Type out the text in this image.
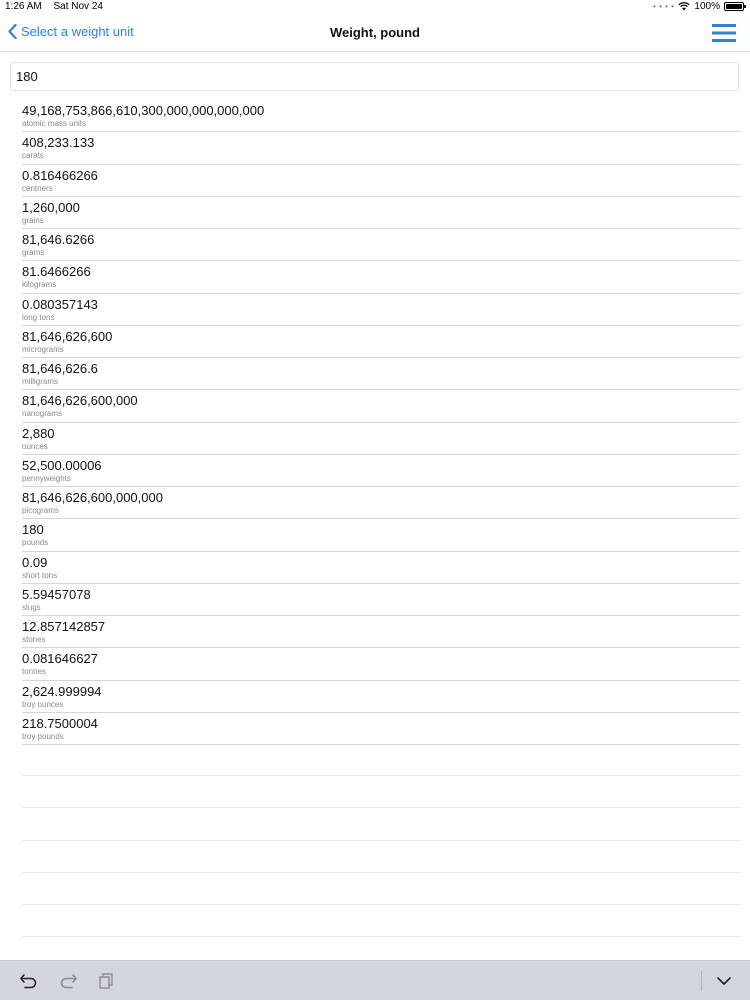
1:26 AM Sat Nov 24	• • • • 100%
Select a weight unit	Weight, pound
180
49,168,753,866,610,300,000,000,000,000
atomic mass units
408,233.133
carats
0.816466266
centners
1,260,000
grains
81,646.6266
grams
81.6466266
kilograms
0.080357143
long tons
81,646,626,600
micrograms
81,646,626.6
milligrams
81,646,626,600,000
nanograms
2,880
ounces
52,500.00006
pennyweights
81,646,626,600,000,000
picograms
180
pounds
0.09
short tons
5.59457078
slugs
12.857142857
stones
0.081646627
tonnes
2,624.999994
troy ounces
218.7500004
troy pounds
